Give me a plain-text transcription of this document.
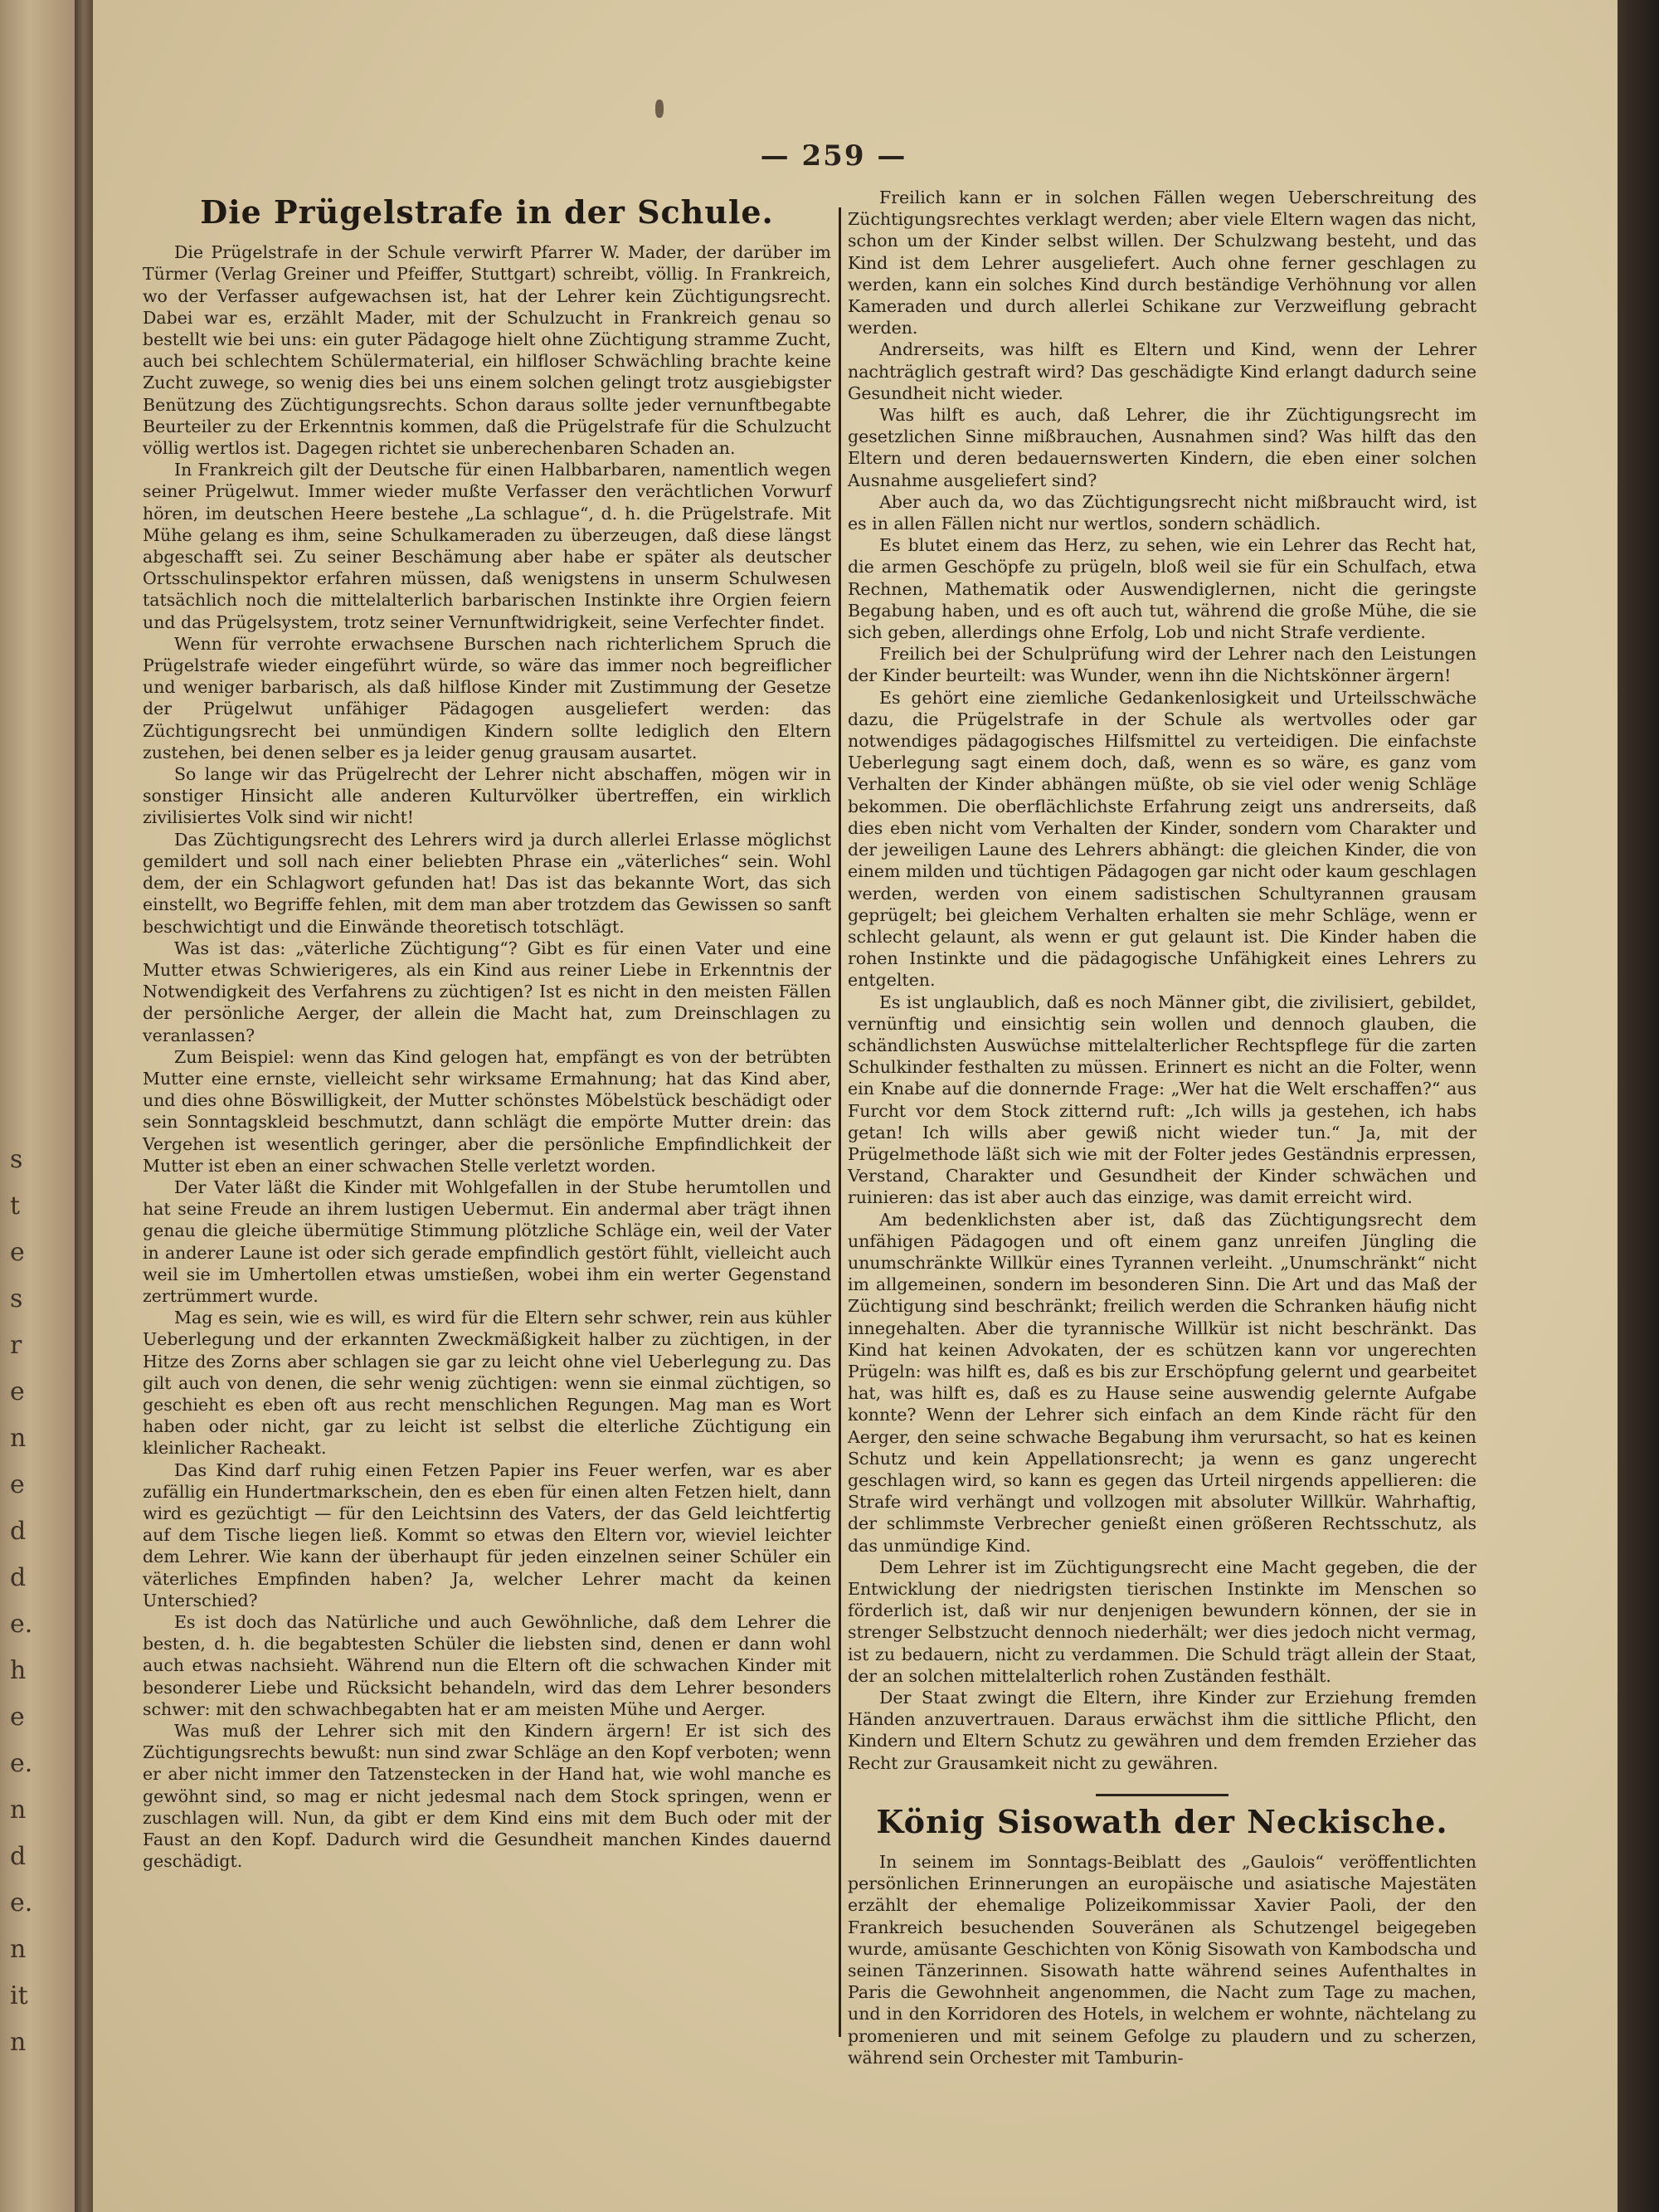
s
t
e
s
r
e
n
e
d
d
e.
h
e
e.
n
d
e.
n
it
n
— 259 —
Die Prügelstrafe in der Schule.

Die Prügelstrafe in der Schule verwirft Pfarrer W. Mader, der darüber im Türmer (Verlag Greiner und Pfeiffer, Stuttgart) schreibt, völlig. In Frankreich, wo der Verfasser aufgewachsen ist, hat der Lehrer kein Züchtigungsrecht. Dabei war es, erzählt Mader, mit der Schulzucht in Frankreich genau so bestellt wie bei uns: ein guter Pädagoge hielt ohne Züchtigung stramme Zucht, auch bei schlechtem Schülermaterial, ein hilfloser Schwächling brachte keine Zucht zuwege, so wenig dies bei uns einem solchen gelingt trotz ausgiebigster Benützung des Züchtigungsrechts. Schon daraus sollte jeder vernunftbegabte Beurteiler zu der Erkenntnis kommen, daß die Prügelstrafe für die Schulzucht völlig wertlos ist. Dagegen richtet sie unberechenbaren Schaden an.

In Frankreich gilt der Deutsche für einen Halbbarbaren, namentlich wegen seiner Prügelwut. Immer wieder mußte Verfasser den verächtlichen Vorwurf hören, im deutschen Heere bestehe „La schlague“, d. h. die Prügelstrafe. Mit Mühe gelang es ihm, seine Schulkameraden zu überzeugen, daß diese längst abgeschafft sei. Zu seiner Beschämung aber habe er später als deutscher Ortsschulinspektor erfahren müssen, daß wenigstens in unserm Schulwesen tatsächlich noch die mittelalterlich barbarischen Instinkte ihre Orgien feiern und das Prügelsystem, trotz seiner Vernunftwidrigkeit, seine Verfechter findet.

Wenn für verrohte erwachsene Burschen nach richterlichem Spruch die Prügelstrafe wieder eingeführt würde, so wäre das immer noch begreiflicher und weniger barbarisch, als daß hilflose Kinder mit Zustimmung der Gesetze der Prügelwut unfähiger Pädagogen ausgeliefert werden: das Züchtigungsrecht bei unmündigen Kindern sollte lediglich den Eltern zustehen, bei denen selber es ja leider genug grausam ausartet.

So lange wir das Prügelrecht der Lehrer nicht abschaffen, mögen wir in sonstiger Hinsicht alle anderen Kulturvölker übertreffen, ein wirklich zivilisiertes Volk sind wir nicht!

Das Züchtigungsrecht des Lehrers wird ja durch allerlei Erlasse möglichst gemildert und soll nach einer beliebten Phrase ein „väterliches“ sein. Wohl dem, der ein Schlagwort gefunden hat! Das ist das bekannte Wort, das sich einstellt, wo Begriffe fehlen, mit dem man aber trotzdem das Gewissen so sanft beschwichtigt und die Einwände theoretisch totschlägt.

Was ist das: „väterliche Züchtigung“? Gibt es für einen Vater und eine Mutter etwas Schwierigeres, als ein Kind aus reiner Liebe in Erkenntnis der Notwendigkeit des Verfahrens zu züchtigen? Ist es nicht in den meisten Fällen der persönliche Aerger, der allein die Macht hat, zum Dreinschlagen zu veranlassen?

Zum Beispiel: wenn das Kind gelogen hat, empfängt es von der betrübten Mutter eine ernste, vielleicht sehr wirksame Ermahnung; hat das Kind aber, und dies ohne Böswilligkeit, der Mutter schönstes Möbelstück beschädigt oder sein Sonntagskleid beschmutzt, dann schlägt die empörte Mutter drein: das Vergehen ist wesentlich geringer, aber die persönliche Empfindlichkeit der Mutter ist eben an einer schwachen Stelle verletzt worden.

Der Vater läßt die Kinder mit Wohlgefallen in der Stube herumtollen und hat seine Freude an ihrem lustigen Uebermut. Ein andermal aber trägt ihnen genau die gleiche übermütige Stimmung plötzliche Schläge ein, weil der Vater in anderer Laune ist oder sich gerade empfindlich gestört fühlt, vielleicht auch weil sie im Umhertollen etwas umstießen, wobei ihm ein werter Gegenstand zertrümmert wurde.

Mag es sein, wie es will, es wird für die Eltern sehr schwer, rein aus kühler Ueberlegung und der erkannten Zweckmäßigkeit halber zu züchtigen, in der Hitze des Zorns aber schlagen sie gar zu leicht ohne viel Ueberlegung zu. Das gilt auch von denen, die sehr wenig züchtigen: wenn sie einmal züchtigen, so geschieht es eben oft aus recht menschlichen Regungen. Mag man es Wort haben oder nicht, gar zu leicht ist selbst die elterliche Züchtigung ein kleinlicher Racheakt.

Das Kind darf ruhig einen Fetzen Papier ins Feuer werfen, war es aber zufällig ein Hundertmarkschein, den es eben für einen alten Fetzen hielt, dann wird es gezüchtigt — für den Leichtsinn des Vaters, der das Geld leichtfertig auf dem Tische liegen ließ. Kommt so etwas den Eltern vor, wieviel leichter dem Lehrer. Wie kann der überhaupt für jeden einzelnen seiner Schüler ein väterliches Empfinden haben? Ja, welcher Lehrer macht da keinen Unterschied?

Es ist doch das Natürliche und auch Gewöhnliche, daß dem Lehrer die besten, d. h. die begabtesten Schüler die liebsten sind, denen er dann wohl auch etwas nachsieht. Während nun die Eltern oft die schwachen Kinder mit besonderer Liebe und Rücksicht behandeln, wird das dem Lehrer besonders schwer: mit den schwachbegabten hat er am meisten Mühe und Aerger.

Was muß der Lehrer sich mit den Kindern ärgern! Er ist sich des Züchtigungsrechts bewußt: nun sind zwar Schläge an den Kopf verboten; wenn er aber nicht immer den Tatzenstecken in der Hand hat, wie wohl manche es gewöhnt sind, so mag er nicht jedesmal nach dem Stock springen, wenn er zuschlagen will. Nun, da gibt er dem Kind eins mit dem Buch oder mit der Faust an den Kopf. Dadurch wird die Gesundheit manchen Kindes dauernd geschädigt.

Freilich kann er in solchen Fällen wegen Ueberschreitung des Züchtigungsrechtes verklagt werden; aber viele Eltern wagen das nicht, schon um der Kinder selbst willen. Der Schulzwang besteht, und das Kind ist dem Lehrer ausgeliefert. Auch ohne ferner geschlagen zu werden, kann ein solches Kind durch beständige Verhöhnung vor allen Kameraden und durch allerlei Schikane zur Verzweiflung gebracht werden.

Andrerseits, was hilft es Eltern und Kind, wenn der Lehrer nachträglich gestraft wird? Das geschädigte Kind erlangt dadurch seine Gesundheit nicht wieder.

Was hilft es auch, daß Lehrer, die ihr Züchtigungsrecht im gesetzlichen Sinne mißbrauchen, Ausnahmen sind? Was hilft das den Eltern und deren bedauernswerten Kindern, die eben einer solchen Ausnahme ausgeliefert sind?

Aber auch da, wo das Züchtigungsrecht nicht mißbraucht wird, ist es in allen Fällen nicht nur wertlos, sondern schädlich.

Es blutet einem das Herz, zu sehen, wie ein Lehrer das Recht hat, die armen Geschöpfe zu prügeln, bloß weil sie für ein Schulfach, etwa Rechnen, Mathematik oder Auswendiglernen, nicht die geringste Begabung haben, und es oft auch tut, während die große Mühe, die sie sich geben, allerdings ohne Erfolg, Lob und nicht Strafe verdiente.

Freilich bei der Schulprüfung wird der Lehrer nach den Leistungen der Kinder beurteilt: was Wunder, wenn ihn die Nichtskönner ärgern!

Es gehört eine ziemliche Gedankenlosigkeit und Urteilsschwäche dazu, die Prügelstrafe in der Schule als wertvolles oder gar notwendiges pädagogisches Hilfsmittel zu verteidigen. Die einfachste Ueberlegung sagt einem doch, daß, wenn es so wäre, es ganz vom Verhalten der Kinder abhängen müßte, ob sie viel oder wenig Schläge bekommen. Die oberflächlichste Erfahrung zeigt uns andrerseits, daß dies eben nicht vom Verhalten der Kinder, sondern vom Charakter und der jeweiligen Laune des Lehrers abhängt: die gleichen Kinder, die von einem milden und tüchtigen Pädagogen gar nicht oder kaum geschlagen werden, werden von einem sadistischen Schultyrannen grausam geprügelt; bei gleichem Verhalten erhalten sie mehr Schläge, wenn er schlecht gelaunt, als wenn er gut gelaunt ist. Die Kinder haben die rohen Instinkte und die pädagogische Unfähigkeit eines Lehrers zu entgelten.

Es ist unglaublich, daß es noch Männer gibt, die zivilisiert, gebildet, vernünftig und einsichtig sein wollen und dennoch glauben, die schändlichsten Auswüchse mittelalterlicher Rechtspflege für die zarten Schulkinder festhalten zu müssen. Erinnert es nicht an die Folter, wenn ein Knabe auf die donnernde Frage: „Wer hat die Welt erschaffen?“ aus Furcht vor dem Stock zitternd ruft: „Ich wills ja gestehen, ich habs getan! Ich wills aber gewiß nicht wieder tun.“ Ja, mit der Prügelmethode läßt sich wie mit der Folter jedes Geständnis erpressen, Verstand, Charakter und Gesundheit der Kinder schwächen und ruinieren: das ist aber auch das einzige, was damit erreicht wird.

Am bedenklichsten aber ist, daß das Züchtigungsrecht dem unfähigen Pädagogen und oft einem ganz unreifen Jüngling die unumschränkte Willkür eines Tyrannen verleiht. „Unumschränkt“ nicht im allgemeinen, sondern im besonderen Sinn. Die Art und das Maß der Züchtigung sind beschränkt; freilich werden die Schranken häufig nicht innegehalten. Aber die tyrannische Willkür ist nicht beschränkt. Das Kind hat keinen Advokaten, der es schützen kann vor ungerechten Prügeln: was hilft es, daß es bis zur Erschöpfung gelernt und gearbeitet hat, was hilft es, daß es zu Hause seine auswendig gelernte Aufgabe konnte? Wenn der Lehrer sich einfach an dem Kinde rächt für den Aerger, den seine schwache Begabung ihm verursacht, so hat es keinen Schutz und kein Appellationsrecht; ja wenn es ganz ungerecht geschlagen wird, so kann es gegen das Urteil nirgends appellieren: die Strafe wird verhängt und vollzogen mit absoluter Willkür. Wahrhaftig, der schlimmste Verbrecher genießt einen größeren Rechtsschutz, als das unmündige Kind.

Dem Lehrer ist im Züchtigungsrecht eine Macht gegeben, die der Entwicklung der niedrigsten tierischen Instinkte im Menschen so förderlich ist, daß wir nur denjenigen bewundern können, der sie in strenger Selbstzucht dennoch niederhält; wer dies jedoch nicht vermag, ist zu bedauern, nicht zu verdammen. Die Schuld trägt allein der Staat, der an solchen mittelalterlich rohen Zuständen festhält.

Der Staat zwingt die Eltern, ihre Kinder zur Erziehung fremden Händen anzuvertrauen. Daraus erwächst ihm die sittliche Pflicht, den Kindern und Eltern Schutz zu gewähren und dem fremden Erzieher das Recht zur Grausamkeit nicht zu gewähren.

König Sisowath der Neckische.

In seinem im Sonntags-Beiblatt des „Gaulois“ veröffentlichten persönlichen Erinnerungen an europäische und asiatische Majestäten erzählt der ehemalige Polizeikommissar Xavier Paoli, der den Frankreich besuchenden Souveränen als Schutzengel beigegeben wurde, amüsante Geschichten von König Sisowath von Kambodscha und seinen Tänzerinnen. Sisowath hatte während seines Aufenthaltes in Paris die Gewohnheit angenommen, die Nacht zum Tage zu machen, und in den Korridoren des Hotels, in welchem er wohnte, nächtelang zu promenieren und mit seinem Gefolge zu plaudern und zu scherzen, während sein Orchester mit Tamburin-
